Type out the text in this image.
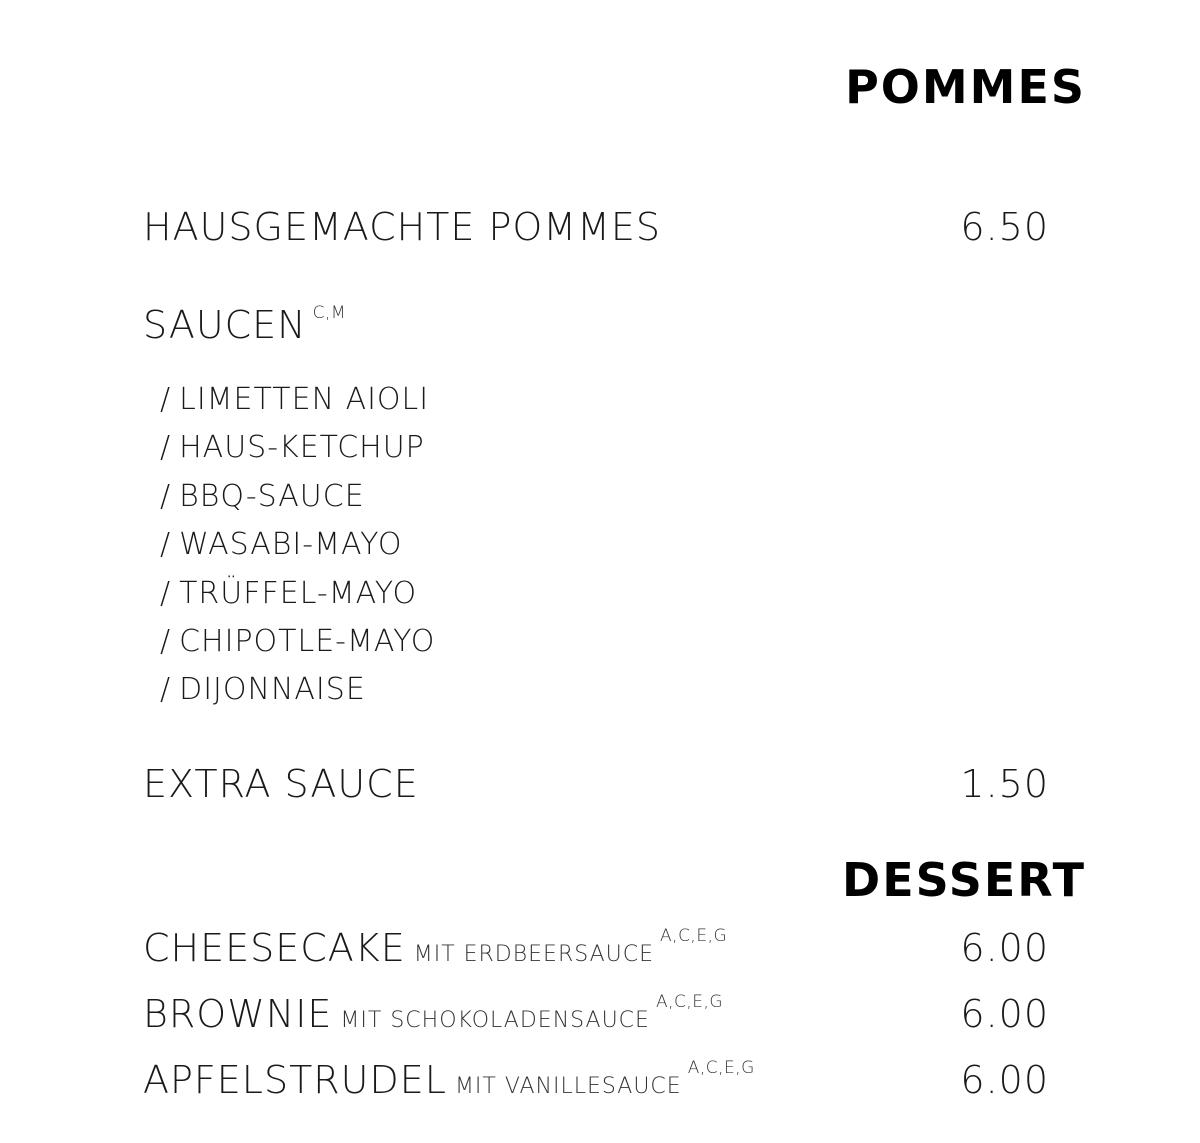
POMMES
HAUSGEMACHTE POMMES	6.50
SAUCEN $^{C,M}$
/ LIMETTEN AIOLI
/ HAUS-KETCHUP
/ BBQ-SAUCE
/ WASABI-MAYO
/ TRÜFFEL-MAYO
/ CHIPOTLE-MAYO
/ DIJONNAISE
EXTRA SAUCE	1.50
DESSERT
CHEESECAKE MIT $ERDBEERSAUCE^{A,C,E,G}$	6.00
BROWNIE MIT $SCHOKOLADENSAUCE^{A,C,E,G}$	6.00
APFELSTRUDEL MIT $VANILLESAUCE^{A,C,E,G}$	6.00
